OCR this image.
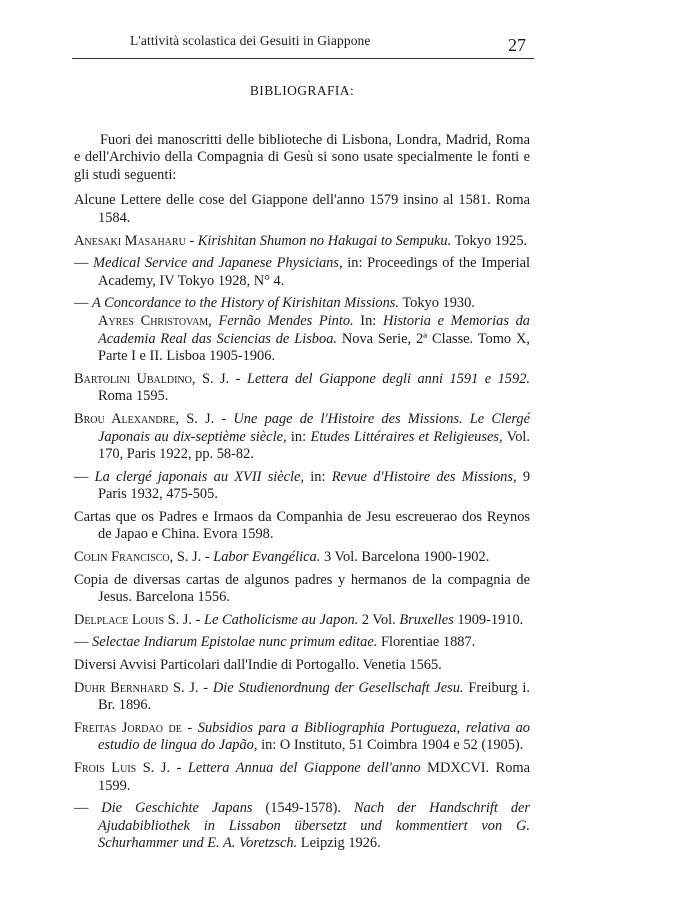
L'attività scolastica dei Gesuiti in Giappone	27
BIBLIOGRAFIA:

Fuori dei manoscritti delle biblioteche di Lisbona, Londra, Madrid, Roma e dell'Archivio della Compagnia di Gesù si sono usate specialmente le fonti e gli studi seguenti:

Alcune Lettere delle cose del Giappone dell'anno 1579 insino al 1581. Roma 1584.

Anesaki Masaharu - Kirishitan Shumon no Hakugai to Sempuku. Tokyo 1925.

— Medical Service and Japanese Physicians, in: Proceedings of the Imperial Academy, IV Tokyo 1928, N° 4.

— A Concordance to the History of Kirishitan Missions. Tokyo 1930.
Ayres Christovam, Fernão Mendes Pinto. In: Historia e Memorias da Academia Real das Sciencias de Lisboa. Nova Serie, 2ª Classe. Tomo X, Parte I e II. Lisboa 1905-1906.

Bartolini Ubaldino, S. J. - Lettera del Giappone degli anni 1591 e 1592. Roma 1595.

Brou Alexandre, S. J. - Une page de l'Histoire des Missions. Le Clergé Japonais au dix-septième siècle, in: Etudes Littéraires et Religieuses, Vol. 170, Paris 1922, pp. 58-82.

— La clergé japonais au XVII siècle, in: Revue d'Histoire des Missions, 9 Paris 1932, 475-505.

Cartas que os Padres e Irmaos da Companhia de Jesu escreuerao dos Reynos de Japao e China. Evora 1598.

Colin Francisco, S. J. - Labor Evangélica. 3 Vol. Barcelona 1900-1902.

Copia de diversas cartas de algunos padres y hermanos de la compagnia de Jesus. Barcelona 1556.

Delplace Louis S. J. - Le Catholicisme au Japon. 2 Vol. Bruxelles 1909-1910.

— Selectae Indiarum Epistolae nunc primum editae. Florentiae 1887.

Diversi Avvisi Particolari dall'Indie di Portogallo. Venetia 1565.

Duhr Bernhard S. J. - Die Studienordnung der Gesellschaft Jesu. Freiburg i. Br. 1896.

Freitas Jordao de - Subsidios para a Bibliographia Portugueza, relativa ao estudio de lingua do Japão, in: O Instituto, 51 Coimbra 1904 e 52 (1905).

Frois Luis S. J. - Lettera Annua del Giappone dell'anno MDXCVI. Roma 1599.

— Die Geschichte Japans (1549-1578). Nach der Handschrift der Ajudabibliothek in Lissabon übersetzt und kommentiert von G. Schurhammer und E. A. Voretzsch. Leipzig 1926.
